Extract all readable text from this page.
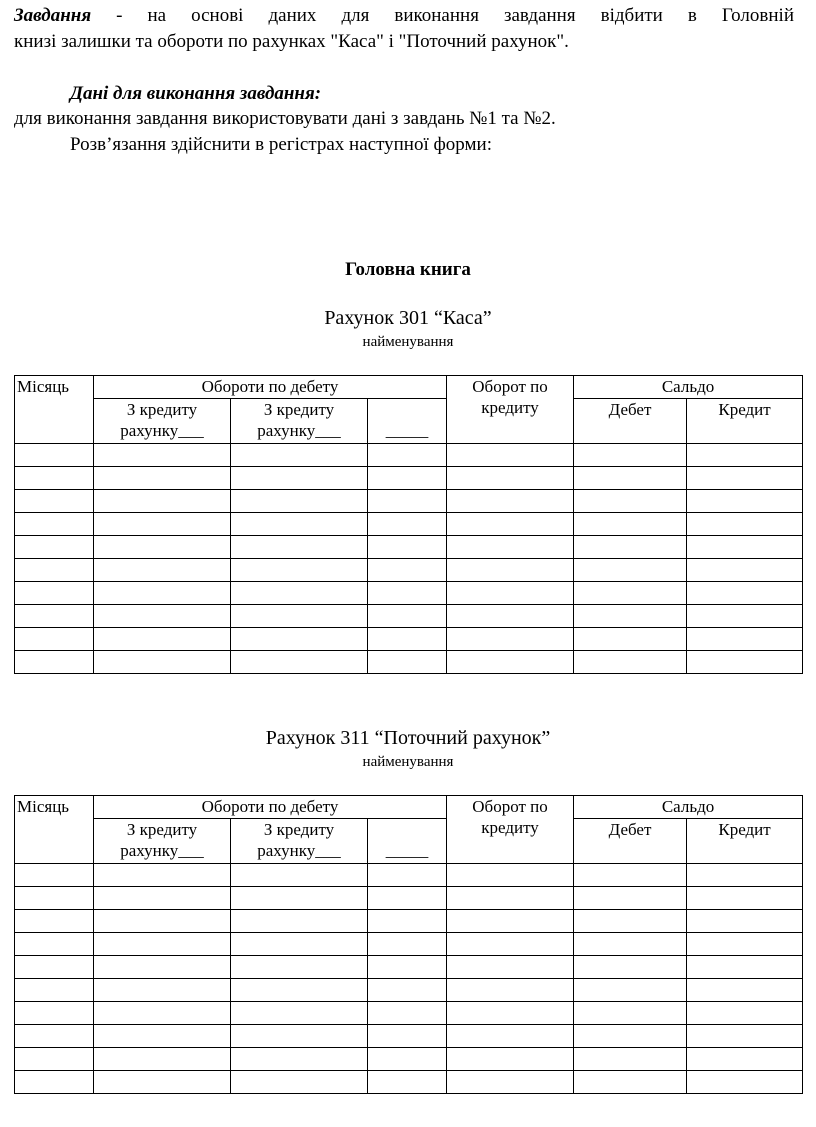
Завдання - на основі даних для виконання завдання відбити в Головній
книзі залишки та обороти по рахунках "Каса" і "Поточний рахунок".
Дані для виконання завдання:
для виконання завдання використовувати дані з завдань №1 та №2.
Розв’язання здійснити в регістрах наступної форми:
Головна книга
Рахунок 301 “Каса”
найменування
Місяць	Обороти по дебету			Оборот по кредиту	Сальдо	

	З кредиту
рахунку___	З кредиту
рахунку___	_____		Дебет	Кредит

Рахунок 311 “Поточний рахунок”
найменування
Місяць	Обороти по дебету			Оборот по кредиту	Сальдо	

	З кредиту
рахунку___	З кредиту
рахунку___	_____		Дебет	Кредит
